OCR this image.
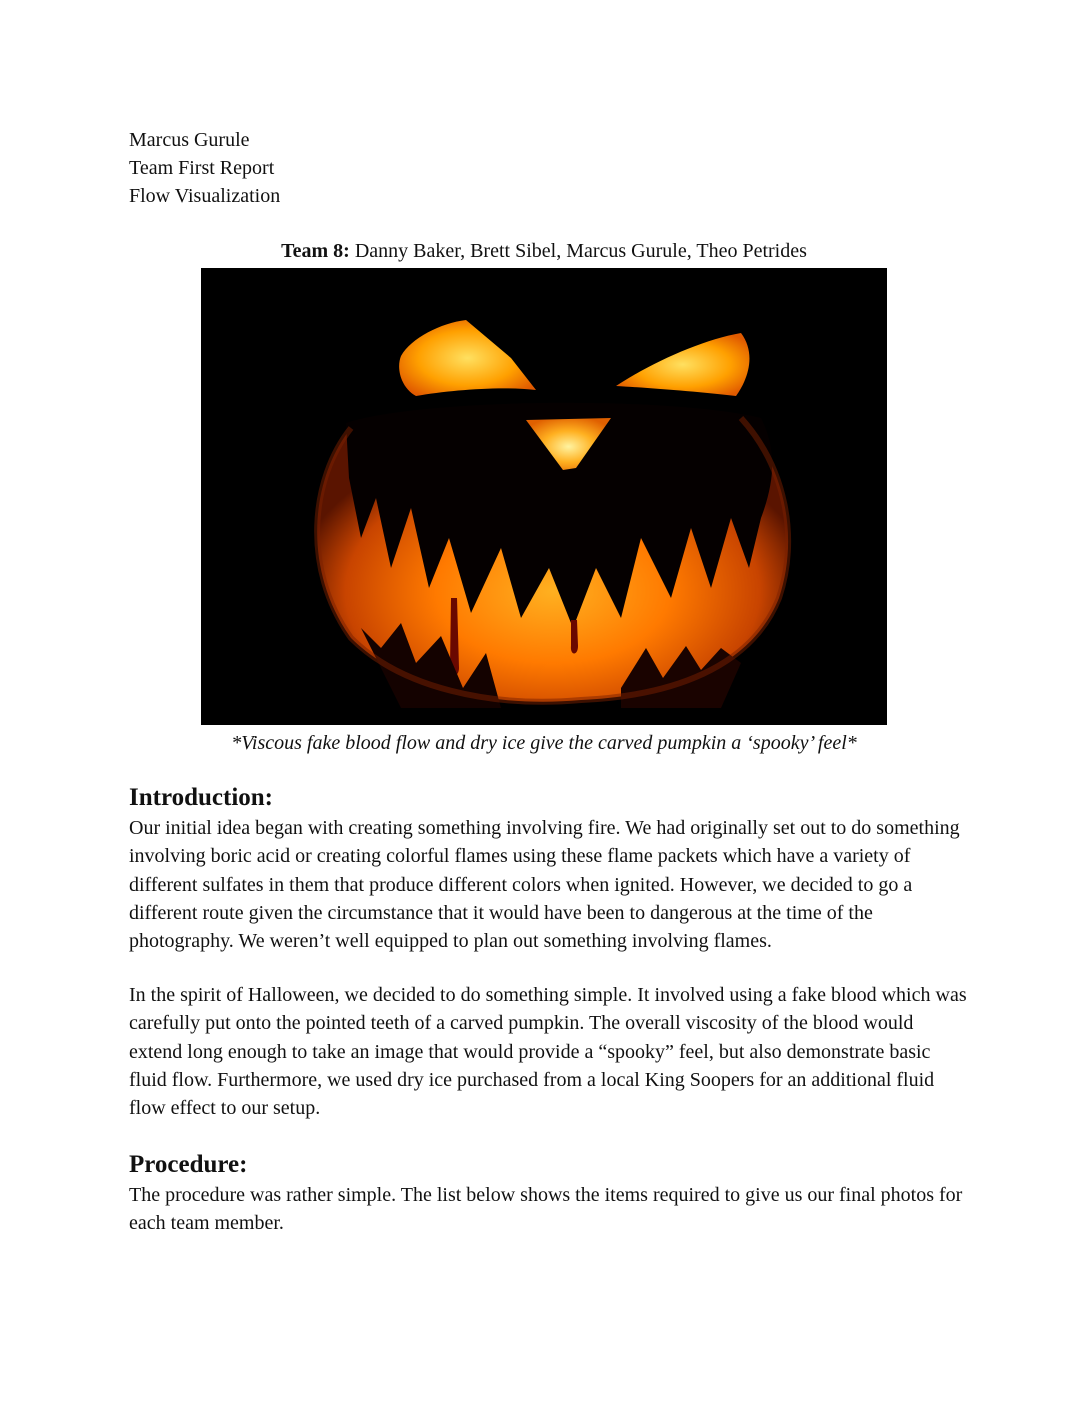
Marcus Gurule
Team First Report
Flow Visualization
Team 8: Danny Baker, Brett Sibel, Marcus Gurule, Theo Petrides
*Viscous fake blood flow and dry ice give the carved pumpkin a ‘spooky’ feel*
Introduction:

Our initial idea began with creating something involving fire. We had originally set out to do something involving boric acid or creating colorful flames using these flame packets which have a variety of different sulfates in them that produce different colors when ignited. However, we decided to go a different route given the circumstance that it would have been to dangerous at the time of the photography. We weren’t well equipped to plan out something involving flames.

In the spirit of Halloween, we decided to do something simple. It involved using a fake blood which was carefully put onto the pointed teeth of a carved pumpkin. The overall viscosity of the blood would extend long enough to take an image that would provide a “spooky” feel, but also demonstrate basic fluid flow. Furthermore, we used dry ice purchased from a local King Soopers for an additional fluid flow effect to our setup.

Procedure:

The procedure was rather simple. The list below shows the items required to give us our final photos for each team member.
